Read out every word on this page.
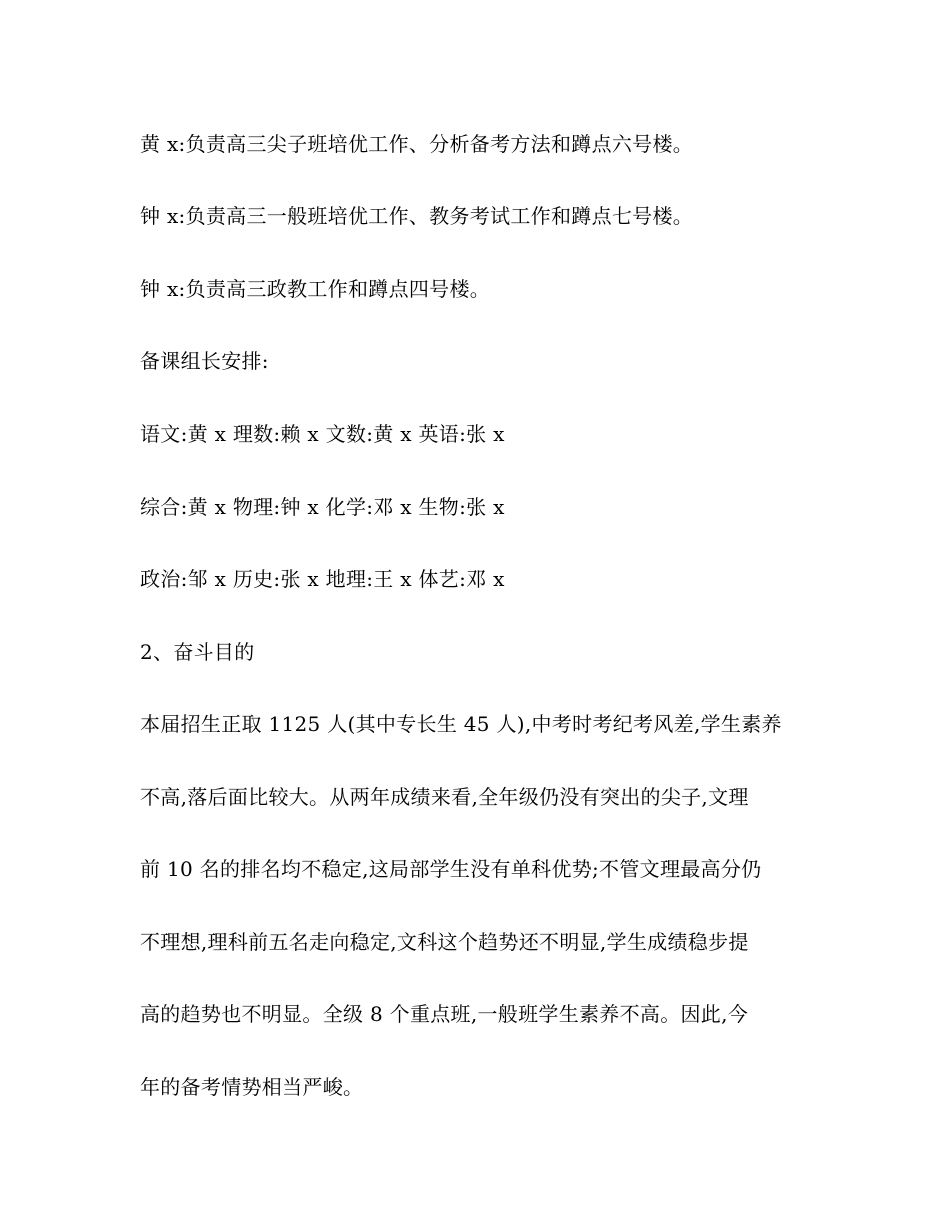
黄 x:负责高三尖子班培优工作、分析备考方法和蹲点六号楼。
钟 x:负责高三一般班培优工作、教务考试工作和蹲点七号楼。
钟 x:负责高三政教工作和蹲点四号楼。
备课组长安排:
语文:黄 x 理数:赖 x 文数:黄 x 英语:张 x
综合:黄 x 物理:钟 x 化学:邓 x 生物:张 x
政治:邹 x 历史:张 x 地理:王 x 体艺:邓 x
2、奋斗目的
本届招生正取 1125 人(其中专长生 45 人),中考时考纪考风差,学生素养
不高,落后面比较大。从两年成绩来看,全年级仍没有突出的尖子,文理
前 10 名的排名均不稳定,这局部学生没有单科优势;不管文理最高分仍
不理想,理科前五名走向稳定,文科这个趋势还不明显,学生成绩稳步提
高的趋势也不明显。全级 8 个重点班,一般班学生素养不高。因此,今
年的备考情势相当严峻。
